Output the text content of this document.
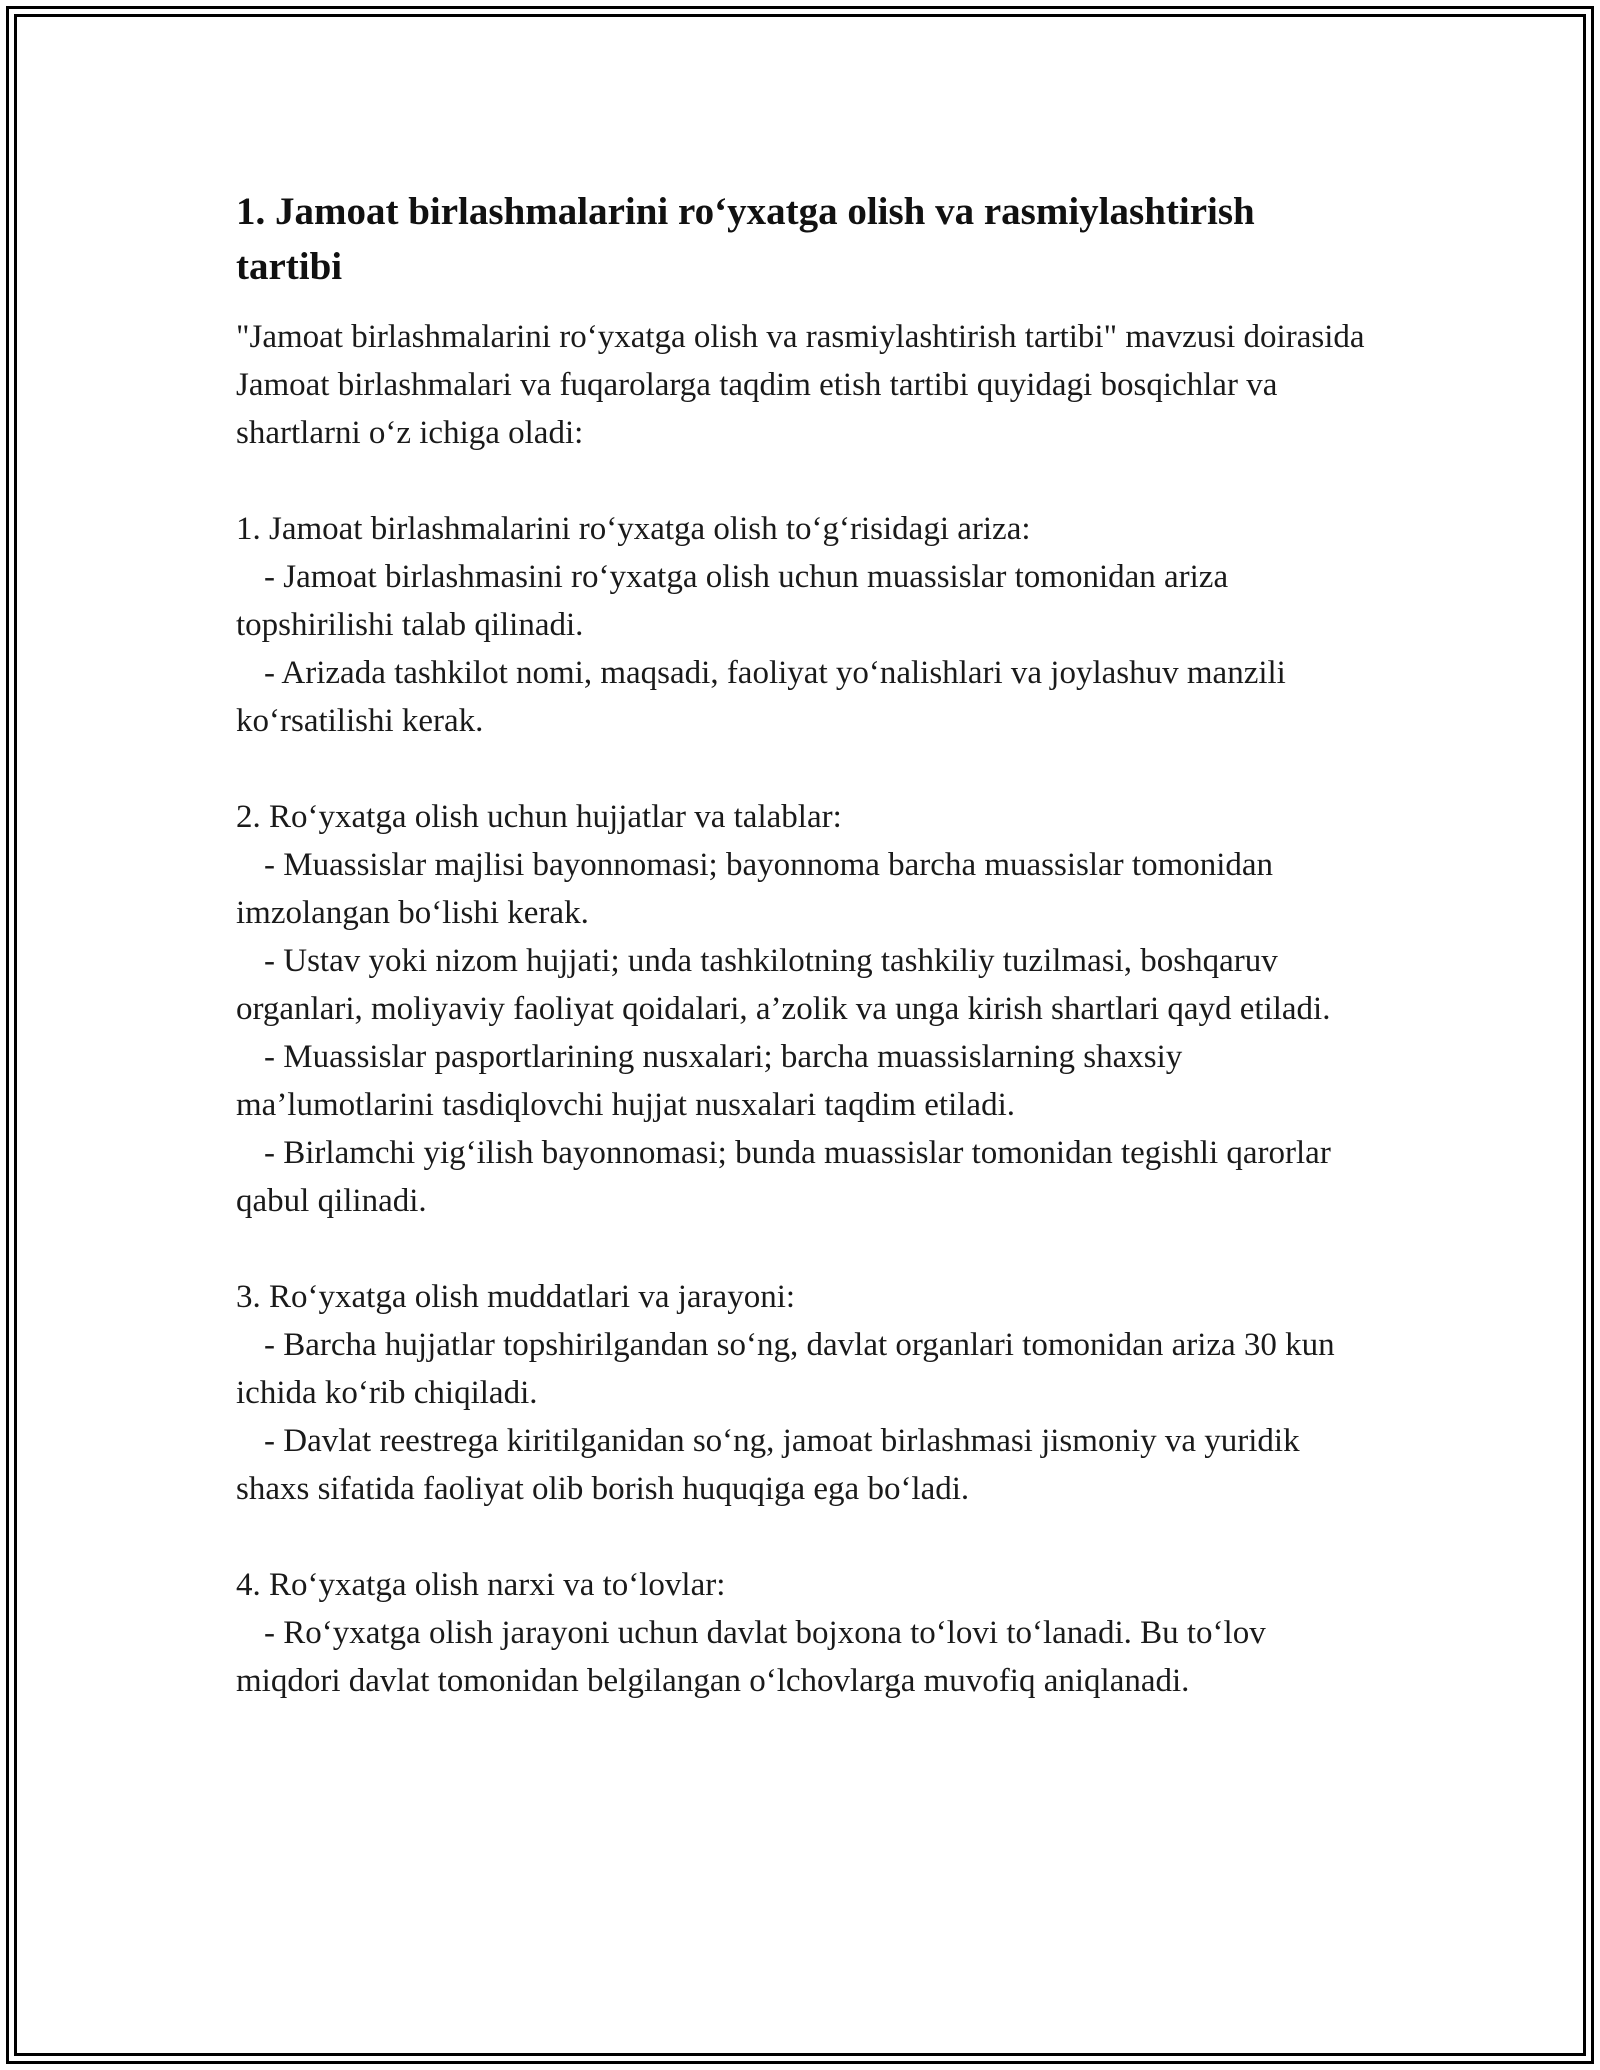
1. Jamoat birlashmalarini ro‘yxatga olish va rasmiylashtirish tartibi

"Jamoat birlashmalarini ro‘yxatga olish va rasmiylashtirish tartibi" mavzusi doirasida Jamoat birlashmalari va fuqarolarga taqdim etish tartibi quyidagi bosqichlar va shartlarni o‘z ichiga oladi:

1. Jamoat birlashmalarini ro‘yxatga olish to‘g‘risidagi ariza:

- Jamoat birlashmasini ro‘yxatga olish uchun muassislar tomonidan ariza topshirilishi talab qilinadi.

- Arizada tashkilot nomi, maqsadi, faoliyat yo‘nalishlari va joylashuv manzili ko‘rsatilishi kerak.

2. Ro‘yxatga olish uchun hujjatlar va talablar:

- Muassislar majlisi bayonnomasi; bayonnoma barcha muassislar tomonidan imzolangan bo‘lishi kerak.

- Ustav yoki nizom hujjati; unda tashkilotning tashkiliy tuzilmasi, boshqaruv organlari, moliyaviy faoliyat qoidalari, a’zolik va unga kirish shartlari qayd etiladi.

- Muassislar pasportlarining nusxalari; barcha muassislarning shaxsiy ma’lumotlarini tasdiqlovchi hujjat nusxalari taqdim etiladi.

- Birlamchi yig‘ilish bayonnomasi; bunda muassislar tomonidan tegishli qarorlar qabul qilinadi.

3. Ro‘yxatga olish muddatlari va jarayoni:

- Barcha hujjatlar topshirilgandan so‘ng, davlat organlari tomonidan ariza 30 kun ichida ko‘rib chiqiladi.

- Davlat reestrega kiritilganidan so‘ng, jamoat birlashmasi jismoniy va yuridik shaxs sifatida faoliyat olib borish huquqiga ega bo‘ladi.

4. Ro‘yxatga olish narxi va to‘lovlar:

- Ro‘yxatga olish jarayoni uchun davlat bojxona to‘lovi to‘lanadi. Bu to‘lov miqdori davlat tomonidan belgilangan o‘lchovlarga muvofiq aniqlanadi.
